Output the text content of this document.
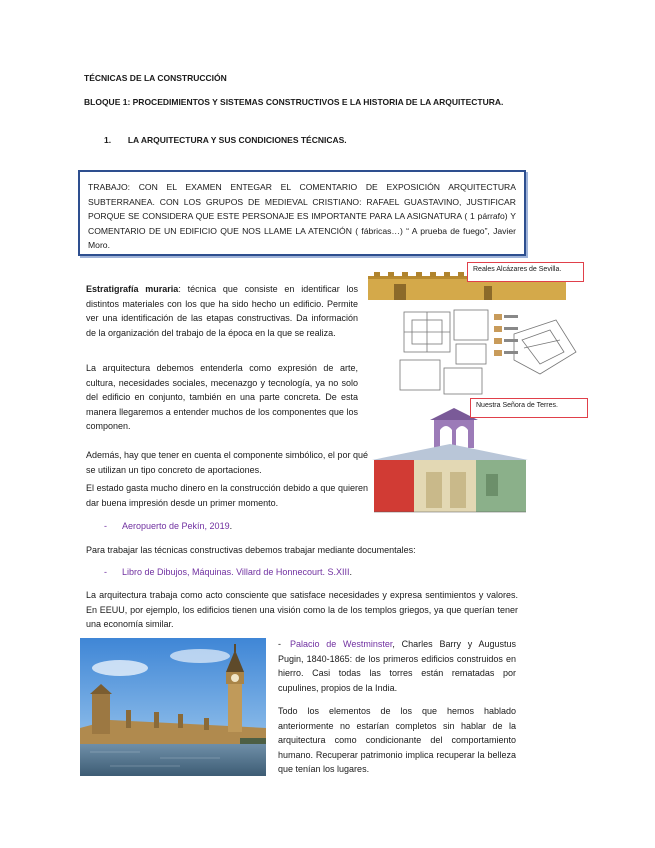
TÉCNICAS DE LA CONSTRUCCIÓN
BLOQUE 1: PROCEDIMIENTOS Y SISTEMAS CONSTRUCTIVOS E LA HISTORIA DE LA ARQUITECTURA.
1. LA ARQUITECTURA Y SUS CONDICIONES TÉCNICAS.
TRABAJO: CON EL EXAMEN ENTEGAR EL COMENTARIO DE EXPOSICIÓN ARQUITECTURA SUBTERRANEA. CON LOS GRUPOS DE MEDIEVAL CRISTIANO: RAFAEL GUASTAVINO, JUSTIFICAR PORQUE SE CONSIDERA QUE ESTE PERSONAJE ES IMPORTANTE PARA LA ASIGNATURA ( 1 párrafo) Y COMENTARIO DE UN EDIFICIO QUE NOS LLAME LA ATENCIÓN ( fábricas…) “ A prueba de fuego”, Javier Moro.
Reales Alcázares de Sevilla.
Nuestra Señora de Terres.
Estratigrafía muraria: técnica que consiste en identificar los distintos materiales con los que ha sido hecho un edificio. Permite ver una identificación de las etapas constructivas. Da información de la organización del trabajo de la época en la que se realiza.
La arquitectura debemos entenderla como expresión de arte, cultura, necesidades sociales, mecenazgo y tecnología, ya no solo del edificio en conjunto, también en una parte concreta. De esta manera llegaremos a entender muchos de los componentes que los componen.
Además, hay que tener en cuenta el componente simbólico, el por qué se utilizan un tipo concreto de aportaciones.
El estado gasta mucho dinero en la construcción debido a que quieren dar buena impresión desde un primer momento.
- Aeropuerto de Pekín, 2019.
Para trabajar las técnicas constructivas debemos trabajar mediante documentales:
- Libro de Dibujos, Máquinas. Villard de Honnecourt. S.XIII.
La arquitectura trabaja como acto consciente que satisface necesidades y expresa sentimientos y valores. En EEUU, por ejemplo, los edificios tienen una visión como la de los templos griegos, ya que querían tener una economía similar.
- Palacio de Westminster, Charles Barry y Augustus Pugin, 1840-1865: de los primeros edificios construidos en hierro. Casi todas las torres están rematadas por cupulines, propios de la India.
Todo los elementos de los que hemos hablado anteriormente no estarían completos sin hablar de la arquitectura como condicionante del comportamiento humano. Recuperar patrimonio implica recuperar la belleza que tenían los lugares.
